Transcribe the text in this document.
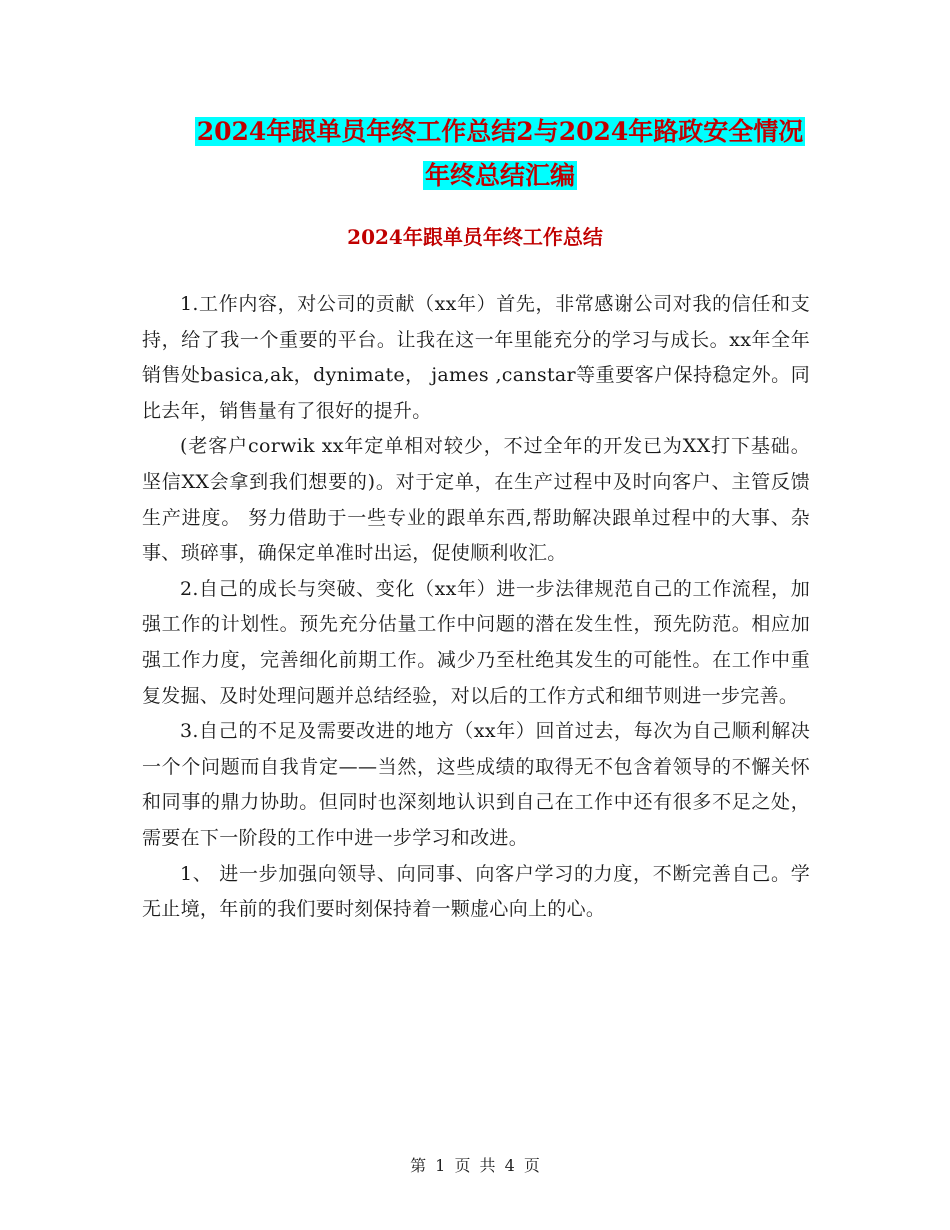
2024年跟单员年终工作总结2与2024年路政安全情况
年终总结汇编
2024年跟单员年终工作总结

1.工作内容，对公司的贡献（xx年）首先，非常感谢公司对我的信任和支持，给了我一个重要的平台。让我在这一年里能充分的学习与成长。xx年全年销售处basica,ak，dynimate， james ,canstar等重要客户保持稳定外。同比去年，销售量有了很好的提升。

(老客户corwik xx年定单相对较少，不过全年的开发已为XX打下基础。坚信XX会拿到我们想要的)。对于定单，在生产过程中及时向客户、主管反馈生产进度。 努力借助于一些专业的跟单东西,帮助解决跟单过程中的大事、杂事、琐碎事，确保定单准时出运，促使顺利收汇。

2.自己的成长与突破、变化（xx年）进一步法律规范自己的工作流程，加强工作的计划性。预先充分估量工作中问题的潜在发生性，预先防范。相应加强工作力度，完善细化前期工作。减少乃至杜绝其发生的可能性。在工作中重复发掘、及时处理问题并总结经验，对以后的工作方式和细节则进一步完善。

3.自己的不足及需要改进的地方（xx年）回首过去，每次为自己顺利解决一个个问题而自我肯定——当然，这些成绩的取得无不包含着领导的不懈关怀和同事的鼎力协助。但同时也深刻地认识到自己在工作中还有很多不足之处，需要在下一阶段的工作中进一步学习和改进。

1、 进一步加强向领导、向同事、向客户学习的力度，不断完善自己。学无止境，年前的我们要时刻保持着一颗虚心向上的心。

第 1 页 共 4 页
